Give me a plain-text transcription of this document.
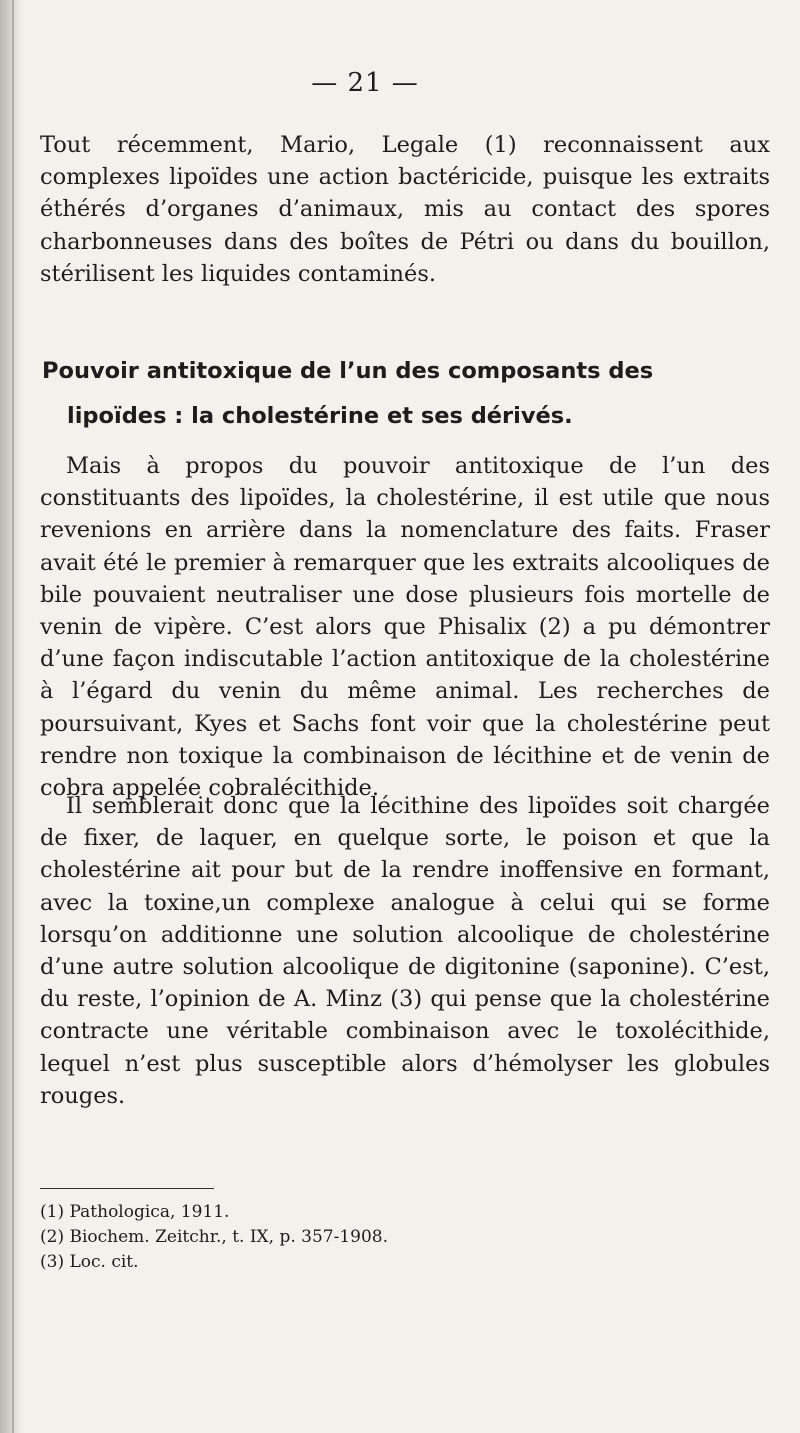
— 21 —

Tout récemment, Mario, Legale (1) reconnaissent aux complexes lipoïdes une action bactéricide, puisque les extraits éthérés d’organes d’animaux, mis au contact des spores charbonneuses dans des boîtes de Pétri ou dans du bouillon, stérilisent les liquides contaminés.

Pouvoir antitoxique de l’un des composants des
lipoïdes : la cholestérine et ses dérivés.

Mais à propos du pouvoir antitoxique de l’un des constituants des lipoïdes, la cholestérine, il est utile que nous revenions en arrière dans la nomenclature des faits. Fraser avait été le premier à remarquer que les extraits alcooliques de bile pouvaient neutraliser une dose plusieurs fois mortelle de venin de vipère. C’est alors que Phisalix (2) a pu démontrer d’une façon indiscutable l’action antitoxique de la cholestérine à l’égard du venin du même animal. Les recherches de poursuivant, Kyes et Sachs font voir que la cholestérine peut rendre non toxique la combinaison de lécithine et de venin de cobra appelée cobralécithide.

Il semblerait donc que la lécithine des lipoïdes soit chargée de fixer, de laquer, en quelque sorte, le poison et que la cholestérine ait pour but de la rendre inoffensive en formant, avec la toxine,un complexe analogue à celui qui se forme lorsqu’on additionne une solution alcoolique de cholestérine d’une autre solution alcoolique de digitonine (saponine). C’est, du reste, l’opinion de A. Minz (3) qui pense que la cholestérine contracte une véritable combinaison avec le toxolécithide, lequel n’est plus susceptible alors d’hémolyser les globules rouges.

(1) Pathologica, 1911.
(2) Biochem. Zeitchr., t. IX, p. 357-1908.
(3) Loc. cit.
